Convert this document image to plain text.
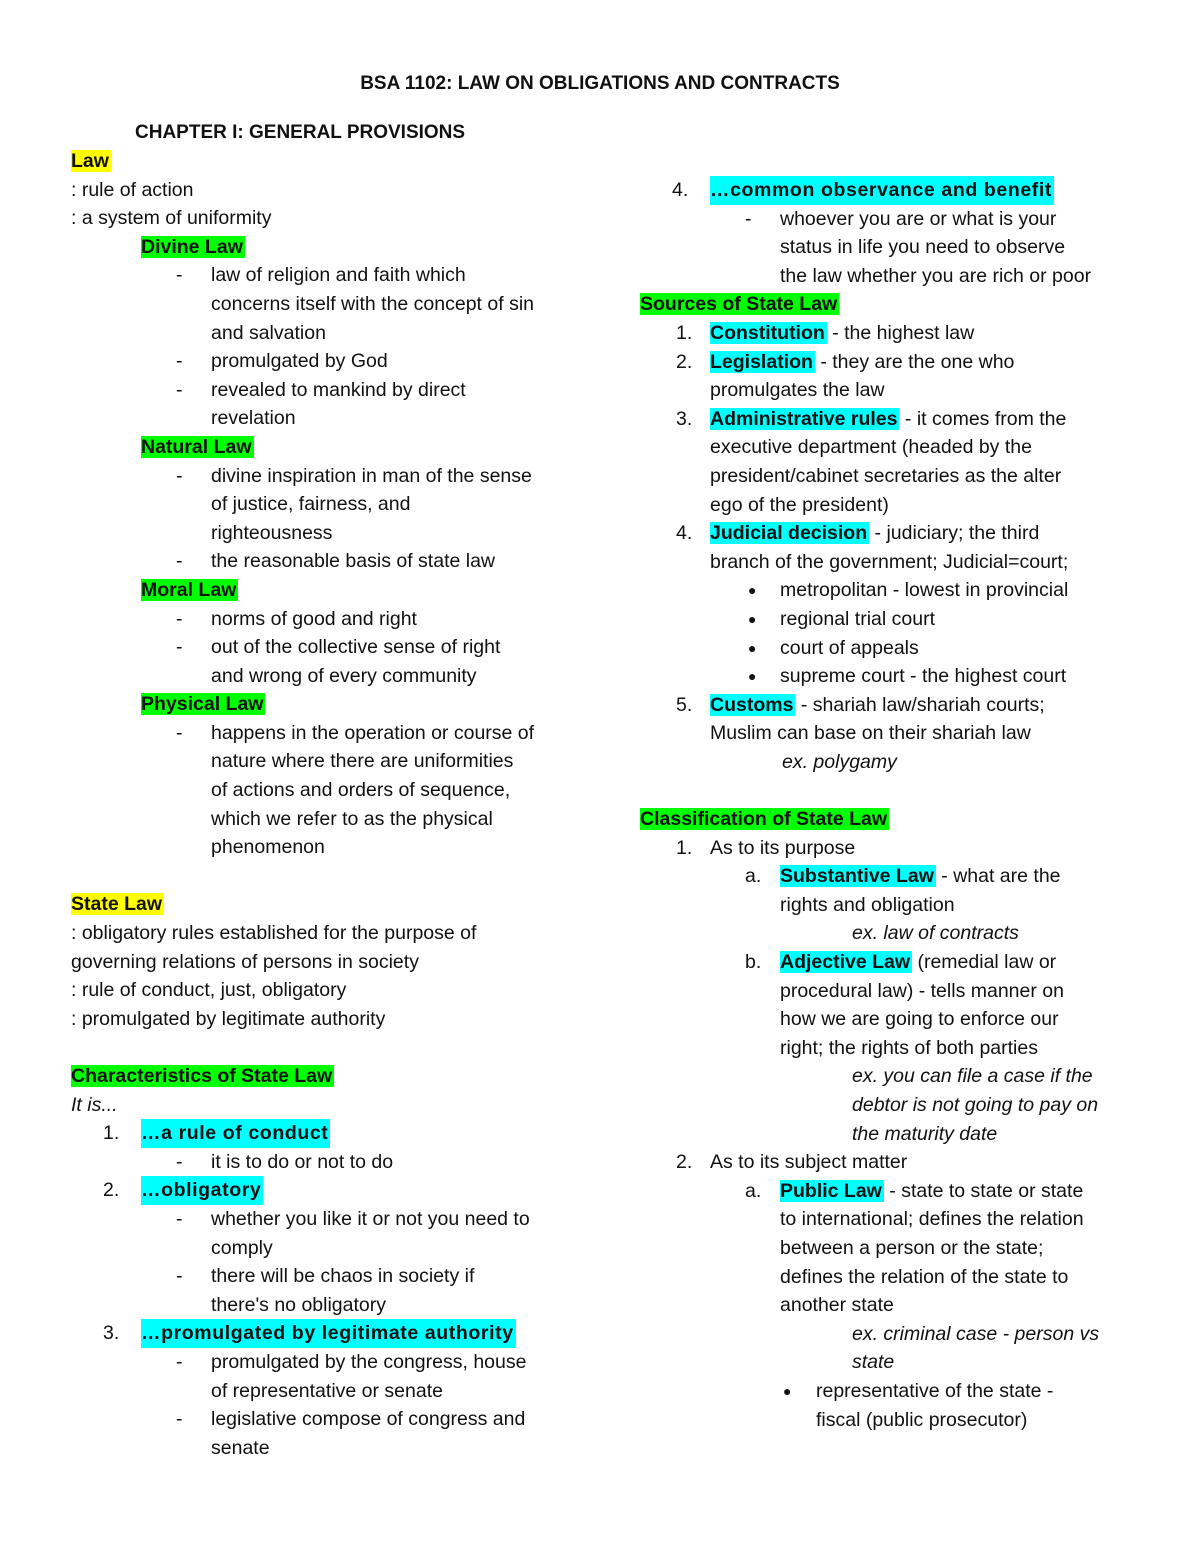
BSA 1102: LAW ON OBLIGATIONS AND CONTRACTS
CHAPTER I: GENERAL PROVISIONS
Law
: rule of action
: a system of uniformity
Divine Law
-	law of religion and faith which
concerns itself with the concept of sin
and salvation
-	promulgated by God
-	revealed to mankind by direct
revelation
Natural Law
-	divine inspiration in man of the sense
of justice, fairness, and
righteousness
-	the reasonable basis of state law
Moral Law
-	norms of good and right
-	out of the collective sense of right
and wrong of every community
Physical Law
-	happens in the operation or course of
nature where there are uniformities
of actions and orders of sequence,
which we refer to as the physical
phenomenon
State Law
: obligatory rules established for the purpose of
governing relations of persons in society
: rule of conduct, just, obligatory
: promulgated by legitimate authority
Characteristics of State Law
It is...
1.	…a rule of conduct
-	it is to do or not to do
2.	…obligatory
-	whether you like it or not you need to
comply
-	there will be chaos in society if
there's no obligatory
3.	…promulgated by legitimate authority
-	promulgated by the congress, house
of representative or senate
-	legislative compose of congress and
senate
4.	…common observance and benefit
-	whoever you are or what is your
status in life you need to observe
the law whether you are rich or poor
Sources of State Law
1. Constitution - the highest law
2. Legislation - they are the one who
promulgates the law
3. Administrative rules - it comes from the
executive department (headed by the
president/cabinet secretaries as the alter
ego of the president)
4. Judicial decision - judiciary; the third
branch of the government; Judicial=court;
●	metropolitan - lowest in provincial
●	regional trial court
●	court of appeals
●	supreme court - the highest court
5. Customs - shariah law/shariah courts;
Muslim can base on their shariah law
ex. polygamy
Classification of State Law
1. As to its purpose
a. Substantive Law - what are the
rights and obligation
ex. law of contracts
b. Adjective Law (remedial law or
procedural law) - tells manner on
how we are going to enforce our
right; the rights of both parties
ex. you can file a case if the
debtor is not going to pay on
the maturity date
2. As to its subject matter
a. Public Law - state to state or state
to international; defines the relation
between a person or the state;
defines the relation of the state to
another state
ex. criminal case - person vs
state
●	representative of the state -
fiscal (public prosecutor)
